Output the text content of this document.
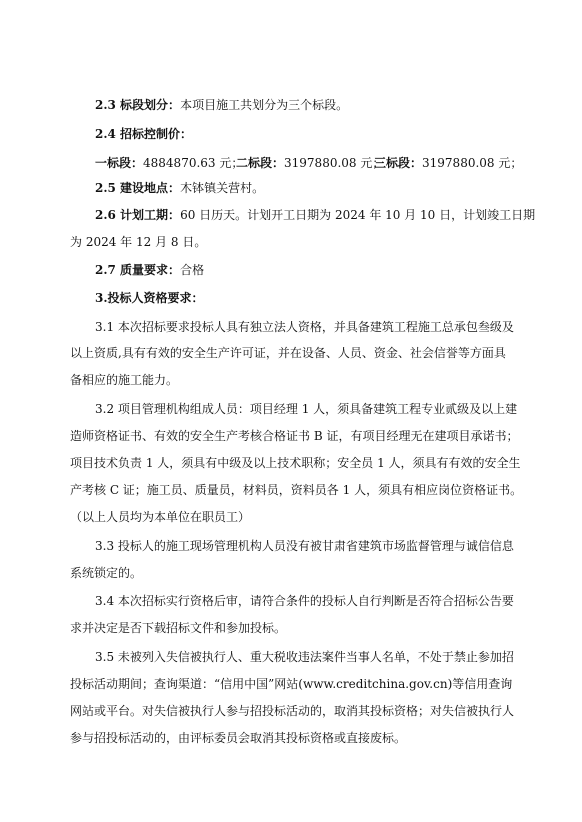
2.3 标段划分：本项目施工共划分为三个标段。
2.4 招标控制价：
一标段：4884870.63 元；
二标段：3197880.08 元；
三标段：3197880.08 元；
2.5 建设地点：木钵镇关营村。
2.6 计划工期：60 日历天。计划开工日期为 2024 年 10 月 10 日，计划竣工日期
为 2024 年 12 月 8 日。
2.7 质量要求：合格
3.投标人资格要求：
3.1 本次招标要求投标人具有独立法人资格，并具备建筑工程施工总承包叁级及
以上资质,具有有效的安全生产许可证，并在设备、人员、资金、社会信誉等方面具
备相应的施工能力。
3.2 项目管理机构组成人员：项目经理 1 人，须具备建筑工程专业贰级及以上建
造师资格证书、有效的安全生产考核合格证书 B 证，有项目经理无在建项目承诺书；
项目技术负责 1 人，须具有中级及以上技术职称；安全员 1 人，须具有有效的安全生
产考核 C 证；施工员、质量员，材料员，资料员各 1 人，须具有相应岗位资格证书。
（以上人员均为本单位在职员工）
3.3 投标人的施工现场管理机构人员没有被甘肃省建筑市场监督管理与诚信信息
系统锁定的。
3.4 本次招标实行资格后审，请符合条件的投标人自行判断是否符合招标公告要
求并决定是否下载招标文件和参加投标。
3.5 未被列入失信被执行人、重大税收违法案件当事人名单，不处于禁止参加招
投标活动期间；查询渠道：“信用中国”网站(www.creditchina.gov.cn)等信用查询
网站或平台。对失信被执行人参与招投标活动的，取消其投标资格；对失信被执行人
参与招投标活动的，由评标委员会取消其投标资格或直接废标。
